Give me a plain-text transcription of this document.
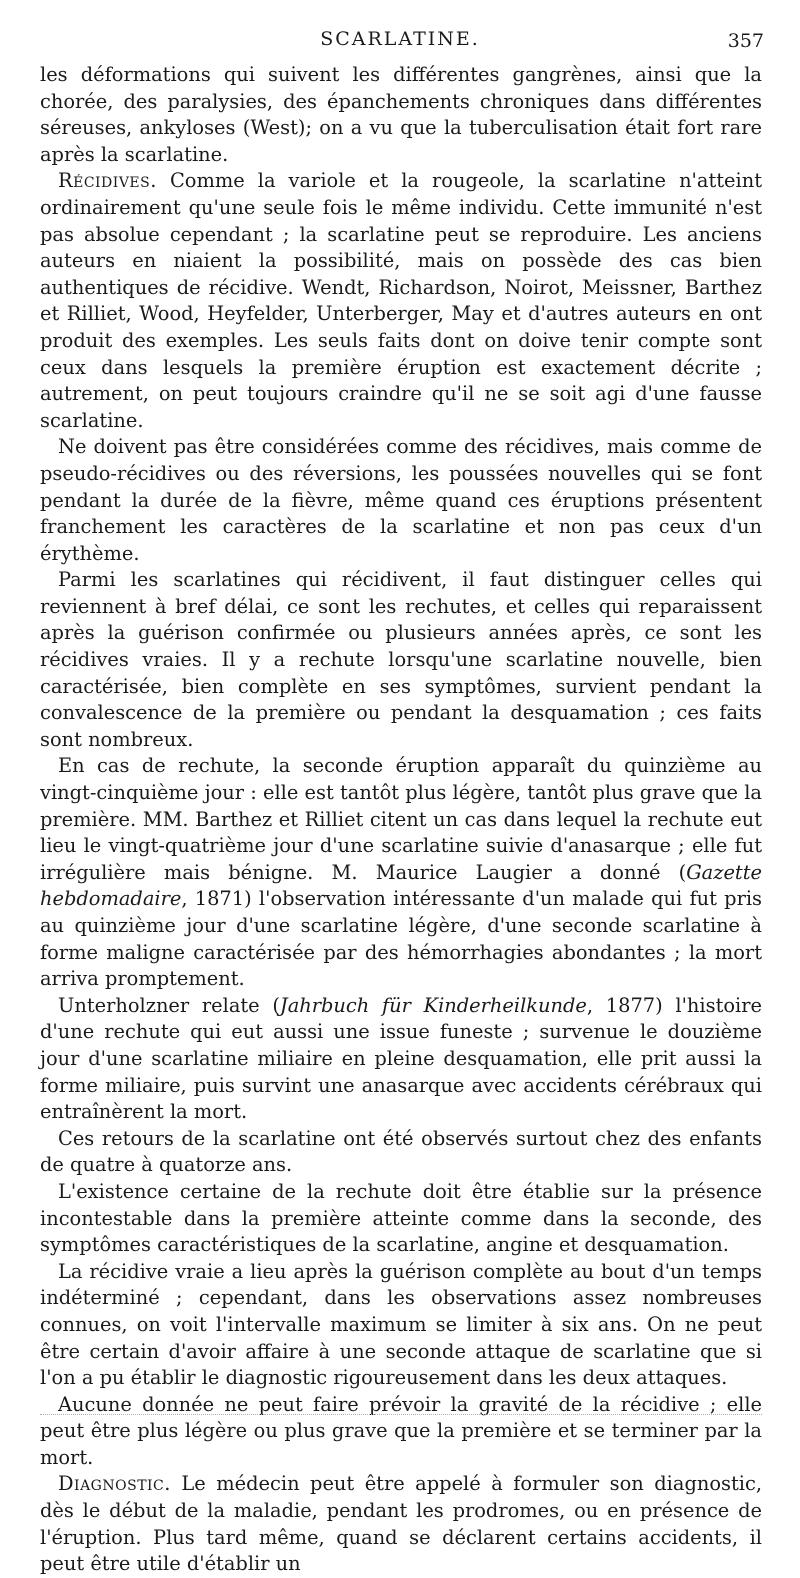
SCARLATINE.	357

les déformations qui suivent les différentes gangrènes, ainsi que la chorée, des paralysies, des épanchements chroniques dans différentes séreuses, ankyloses (West); on a vu que la tuberculisation était fort rare après la scarlatine.

Récidives. Comme la variole et la rougeole, la scarlatine n'atteint ordinairement qu'une seule fois le même individu. Cette immunité n'est pas absolue cependant ; la scarlatine peut se reproduire. Les anciens auteurs en niaient la possibilité, mais on possède des cas bien authentiques de récidive. Wendt, Richardson, Noirot, Meissner, Barthez et Rilliet, Wood, Heyfelder, Unterberger, May et d'autres auteurs en ont produit des exemples. Les seuls faits dont on doive tenir compte sont ceux dans lesquels la première éruption est exactement décrite ; autrement, on peut toujours craindre qu'il ne se soit agi d'une fausse scarlatine.

Ne doivent pas être considérées comme des récidives, mais comme de pseudo-récidives ou des réversions, les poussées nouvelles qui se font pendant la durée de la fièvre, même quand ces éruptions présentent franchement les caractères de la scarlatine et non pas ceux d'un érythème.

Parmi les scarlatines qui récidivent, il faut distinguer celles qui reviennent à bref délai, ce sont les rechutes, et celles qui reparaissent après la guérison confirmée ou plusieurs années après, ce sont les récidives vraies. Il y a rechute lorsqu'une scarlatine nouvelle, bien caractérisée, bien complète en ses symptômes, survient pendant la convalescence de la première ou pendant la desquamation ; ces faits sont nombreux.

En cas de rechute, la seconde éruption apparaît du quinzième au vingt-cinquième jour : elle est tantôt plus légère, tantôt plus grave que la première. MM. Barthez et Rilliet citent un cas dans lequel la rechute eut lieu le vingt-quatrième jour d'une scarlatine suivie d'anasarque ; elle fut irrégulière mais bénigne. M. Maurice Laugier a donné (Gazette hebdomadaire, 1871) l'observation intéressante d'un malade qui fut pris au quinzième jour d'une scarlatine légère, d'une seconde scarlatine à forme maligne caractérisée par des hémorrhagies abondantes ; la mort arriva promptement.

Unterholzner relate (Jahrbuch für Kinderheilkunde, 1877) l'histoire d'une rechute qui eut aussi une issue funeste ; survenue le douzième jour d'une scarlatine miliaire en pleine desquamation, elle prit aussi la forme miliaire, puis survint une anasarque avec accidents cérébraux qui entraînèrent la mort.

Ces retours de la scarlatine ont été observés surtout chez des enfants de quatre à quatorze ans.

L'existence certaine de la rechute doit être établie sur la présence incontestable dans la première atteinte comme dans la seconde, des symptômes caractéristiques de la scarlatine, angine et desquamation.

La récidive vraie a lieu après la guérison complète au bout d'un temps indéterminé ; cependant, dans les observations assez nombreuses connues, on voit l'intervalle maximum se limiter à six ans. On ne peut être certain d'avoir affaire à une seconde attaque de scarlatine que si l'on a pu établir le diagnostic rigoureusement dans les deux attaques.

Aucune donnée ne peut faire prévoir la gravité de la récidive ; elle peut être plus légère ou plus grave que la première et se terminer par la mort.

Diagnostic. Le médecin peut être appelé à formuler son diagnostic, dès le début de la maladie, pendant les prodromes, ou en présence de l'éruption. Plus tard même, quand se déclarent certains accidents, il peut être utile d'établir un
